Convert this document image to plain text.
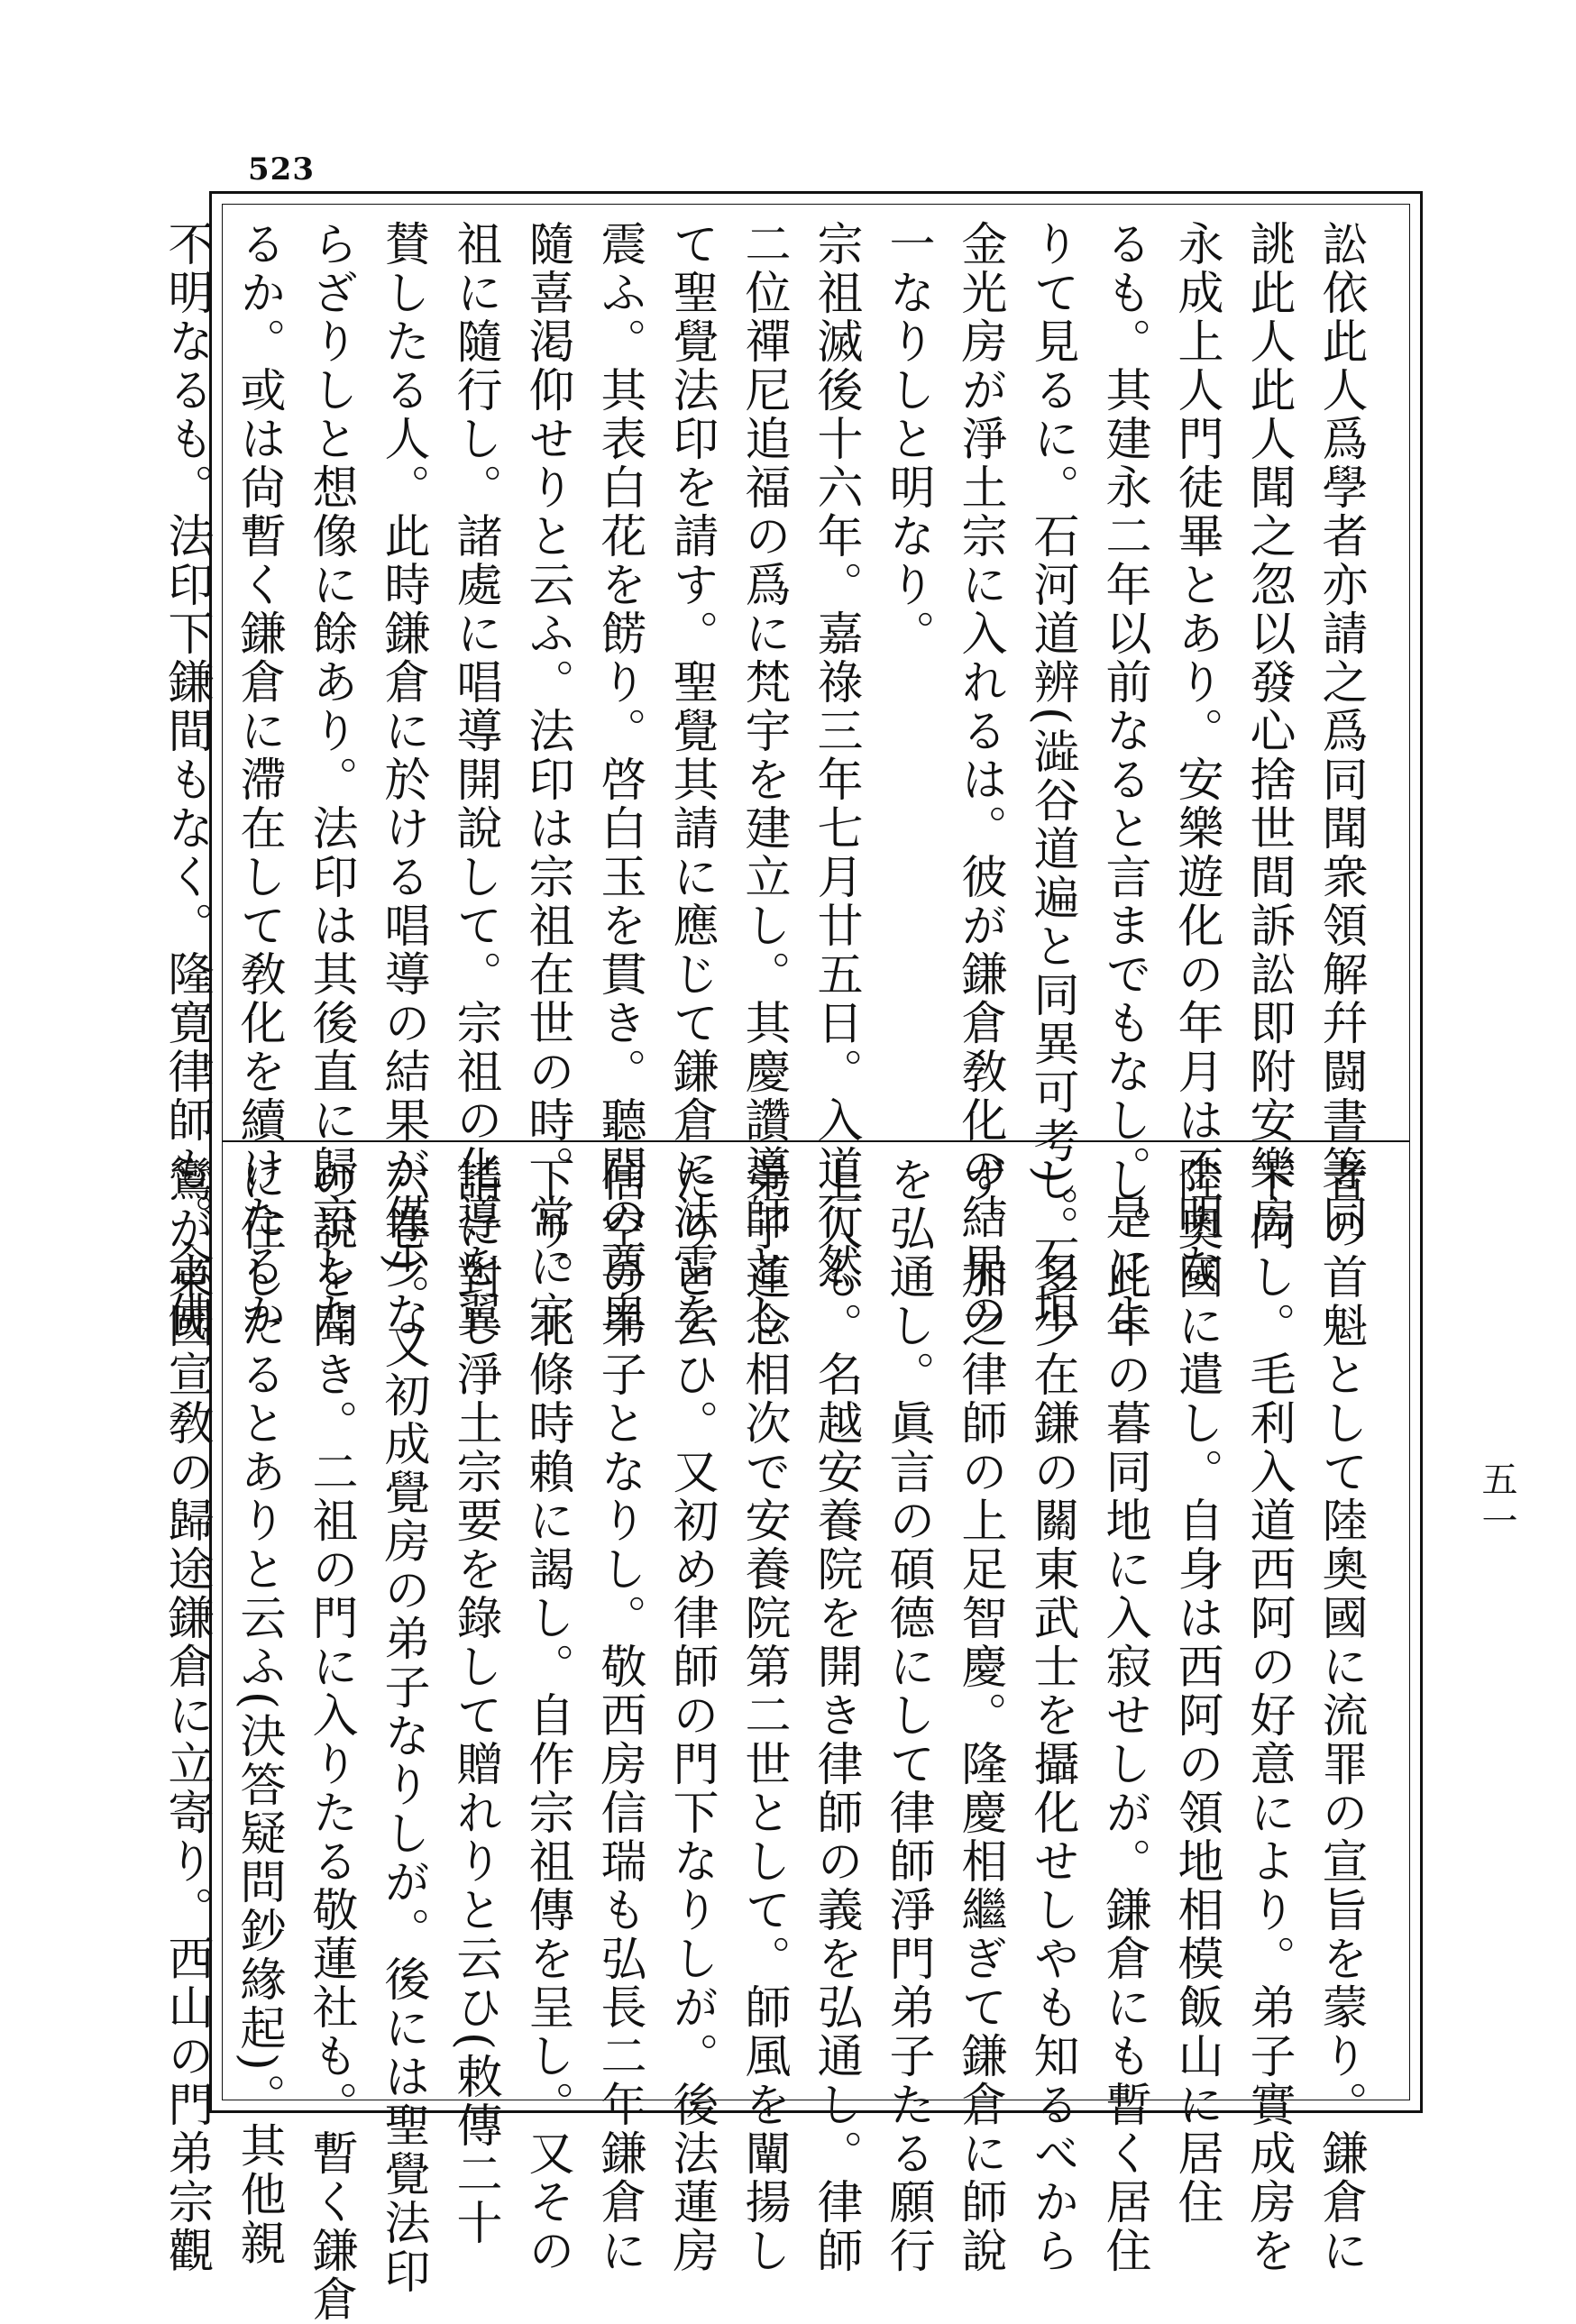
523
訟依此人爲學者亦請之爲同聞衆領解幷闘書等同
誂此人此人聞之忽以發心捨世間訴訟即附安樂房
永成上人門徒畢とあり。安樂遊化の年月は不明な
るも。其建永二年以前なると言までもなし。是によ
りて見るに。石河道辨(澁谷道遍と同異可考)。石垣
金光房が淨土宗に入れるは。彼が鎌倉敎化の結果の
一なりしと明なり。
宗祖滅後十六年。嘉祿三年七月廿五日。入道行然
二位禪尼追福の爲に梵宇を建立し。其慶讚導師とし
て聖覺法印を請す。聖覺其請に應じて鎌倉に法雷を
震ふ。其表白花を餝り。啓白玉を貫き。聽聞の尊卑
隨喜渇仰せりと云ふ。法印は宗祖在世の時。常に宗
祖に隨行し。諸處に唱導開說して。宗祖の化導を翼
賛したる人。此時鎌倉に於ける唱導の結果が僅少な
らざりしと想像に餘あり。法印は其後直に歸京した
るか。或は尙暫く鎌倉に滯在して敎化を續けたるか
不明なるも。法印下鎌間もなく。隆寛律師も。念佛
者の首魁として陸奧國に流罪の宣旨を蒙り。鎌倉に
下向し。毛利入道西阿の好意により。弟子實成房を
陸奧國に遣し。自身は西阿の領地相模飯山に居住
し。此年の暮同地に入寂せしが。鎌倉にも暫く居住
し。多少在鎌の關東武士を攝化せしやも知るべから
ず。加之律師の上足智慶。隆慶相繼ぎて鎌倉に師說
を弘通し。眞言の碩德にして律師淨門弟子たる願行
上人も。名越安養院を開き律師の義を弘通し。律師
弟子蓮念相次で安養院第二世として。師風を闡揚し
たりと云ひ。又初め律師の門下なりしが。後法蓮房
信空の弟子となりし。敬西房信瑞も弘長二年鎌倉に
下り。北條時賴に謁し。自作宗祖傳を呈し。又その
請に對し淨土宗要を錄して贈れりと云ひ(敕傳二十
六卷)。又初成覺房の弟子なりしが。後には聖覺法印
の說を聞き。二祖の門に入りたる敬蓮社も。暫く鎌倉
に住したるとありと云ふ(決答疑問鈔緣起)。其他親
鸞が東國宣敎の歸途鎌倉に立寄り。西山の門弟宗觀	五一
